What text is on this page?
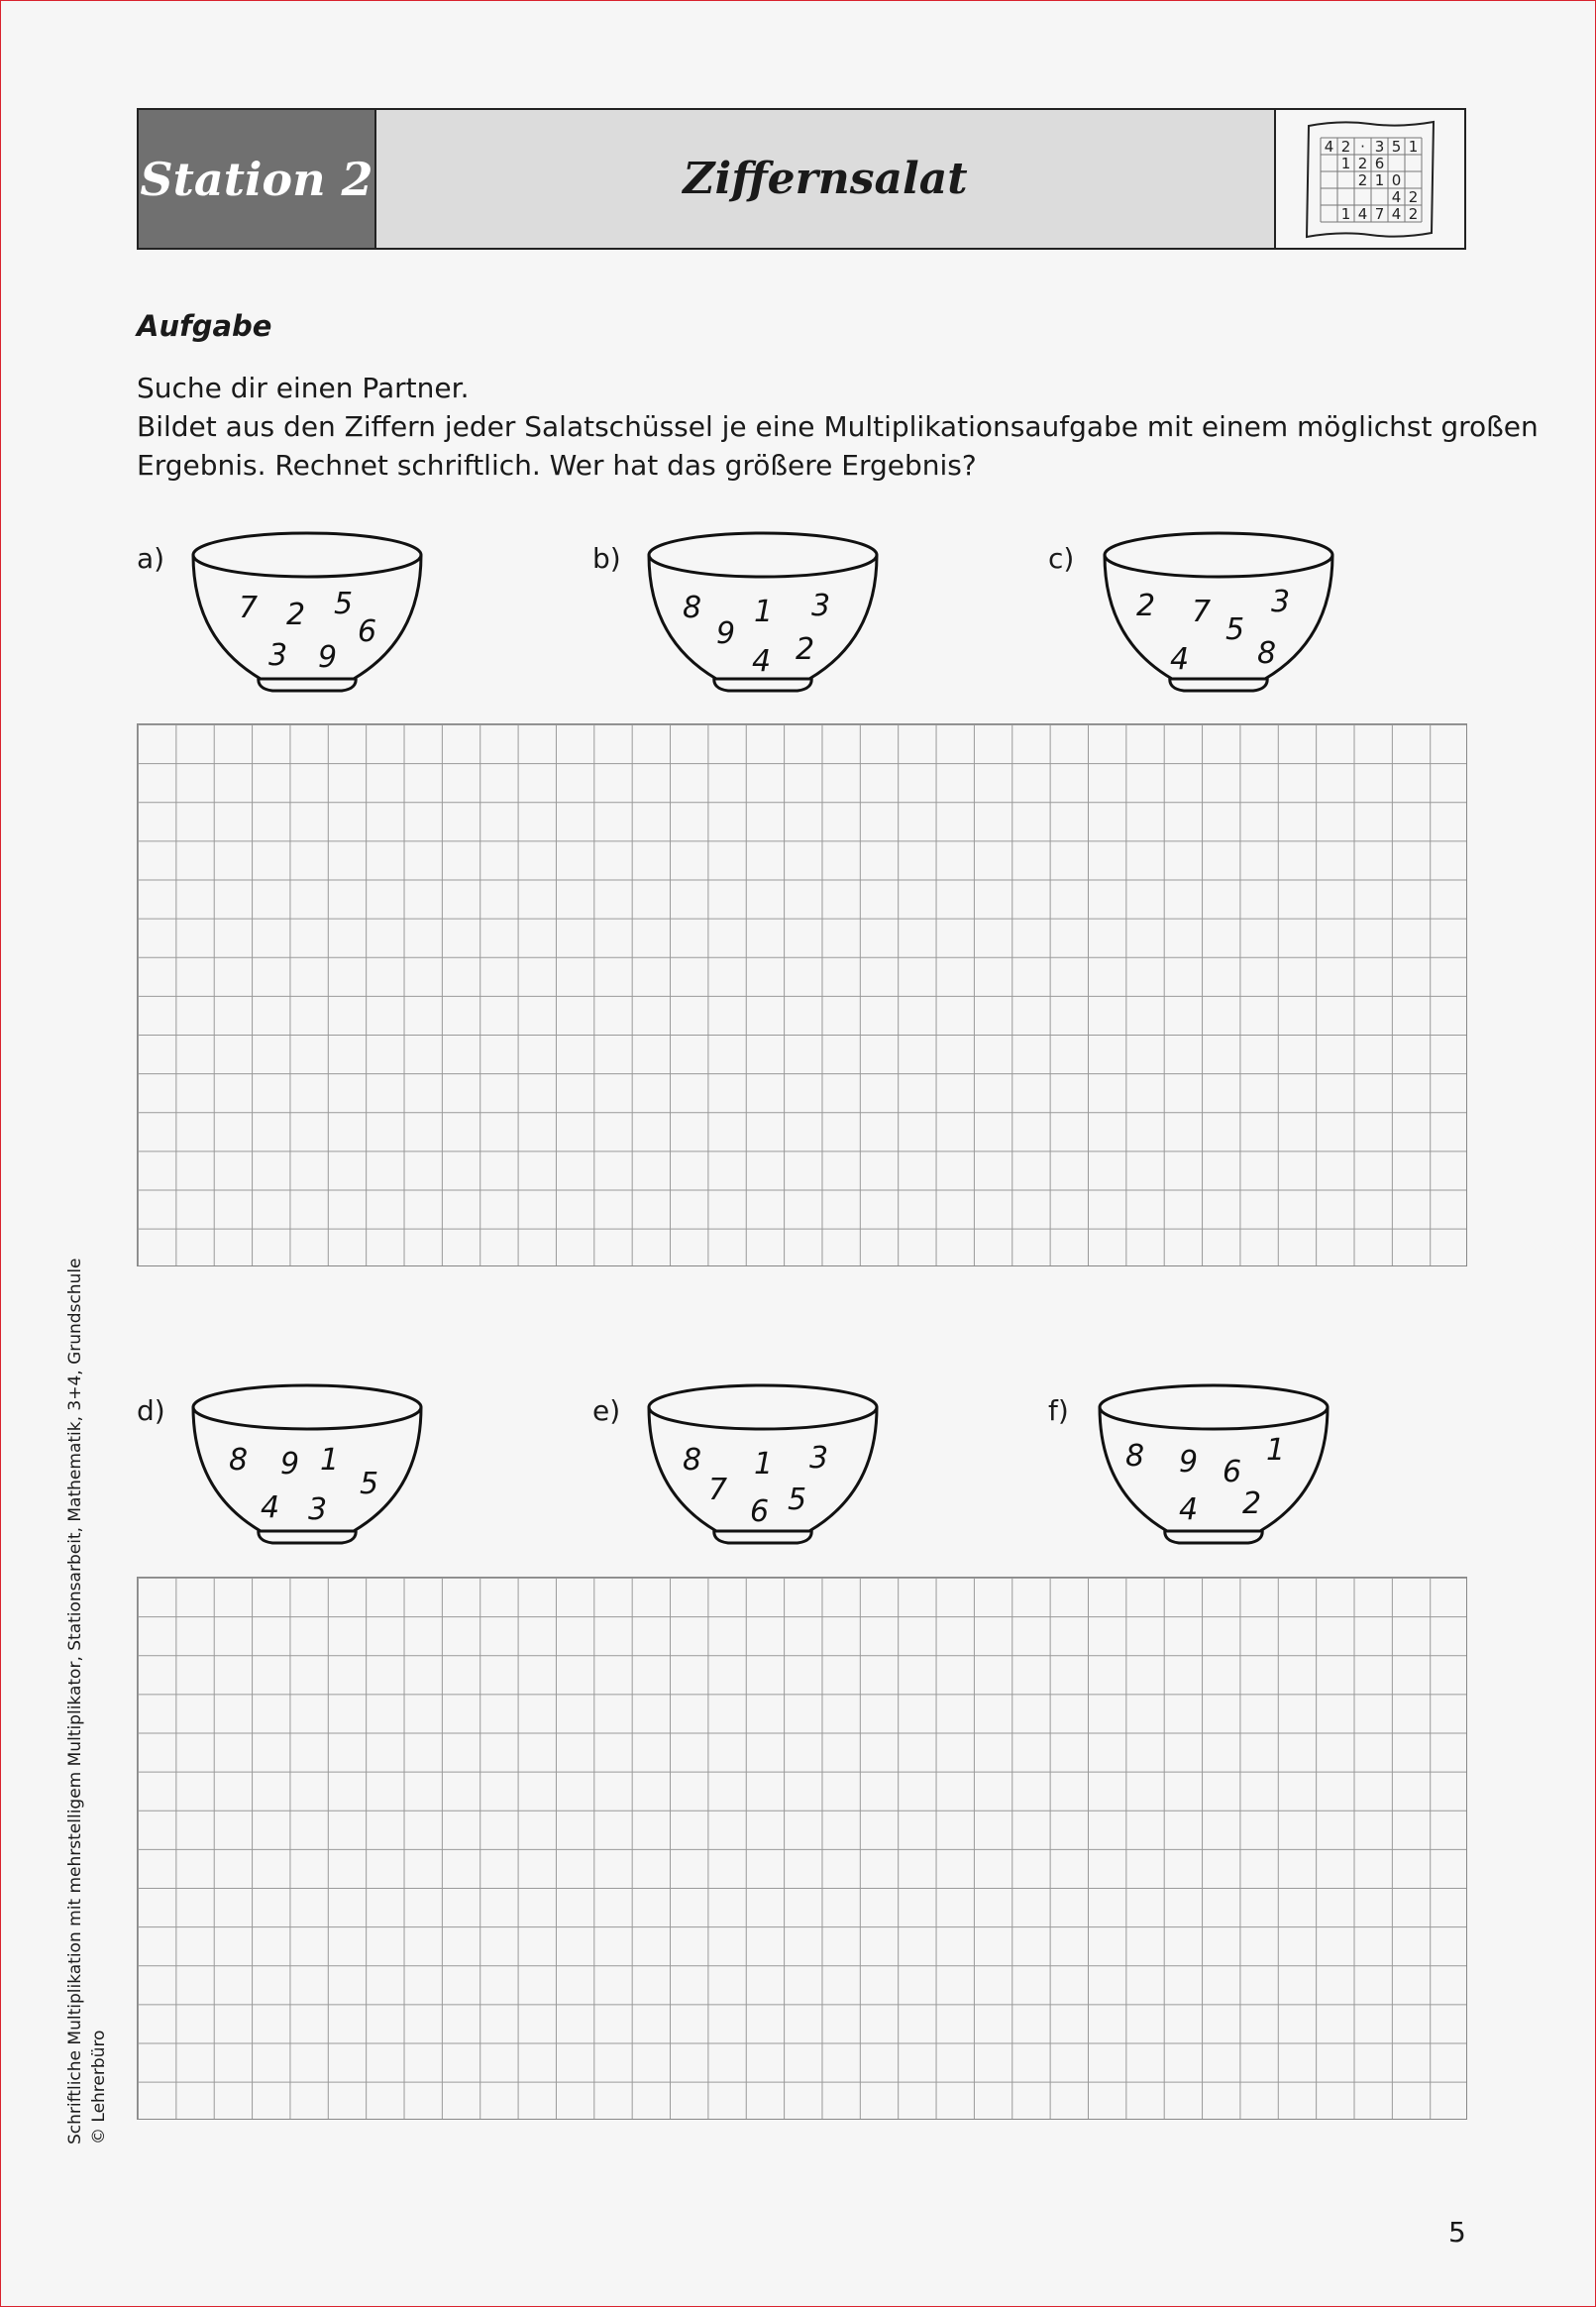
Station 2	Ziffernsalat
4 2 · 3 5 1
1 2 6
2 1 0
4 2
1 4 7 4 2
Aufgabe
Suche dir einen Partner.
Bildet aus den Ziffern jeder Salatschüssel je eine Multiplikationsaufgabe mit einem möglichst großen
Ergebnis. Rechnet schriftlich. Wer hat das größere Ergebnis?
a)
7 2 5
6
3 9
b)
8 1 3
9
4 2
c)
2 7
5
3
4 8
d)
8 9 1
5
4 3
e)
8 1 3
7
6 5
f)
8 9 6
1
4 2
Schriftliche Multiplikation mit mehrstelligem Multiplikator, Stationsarbeit, Mathematik, 3+4, Grundschule © Lehrerbüro
5
